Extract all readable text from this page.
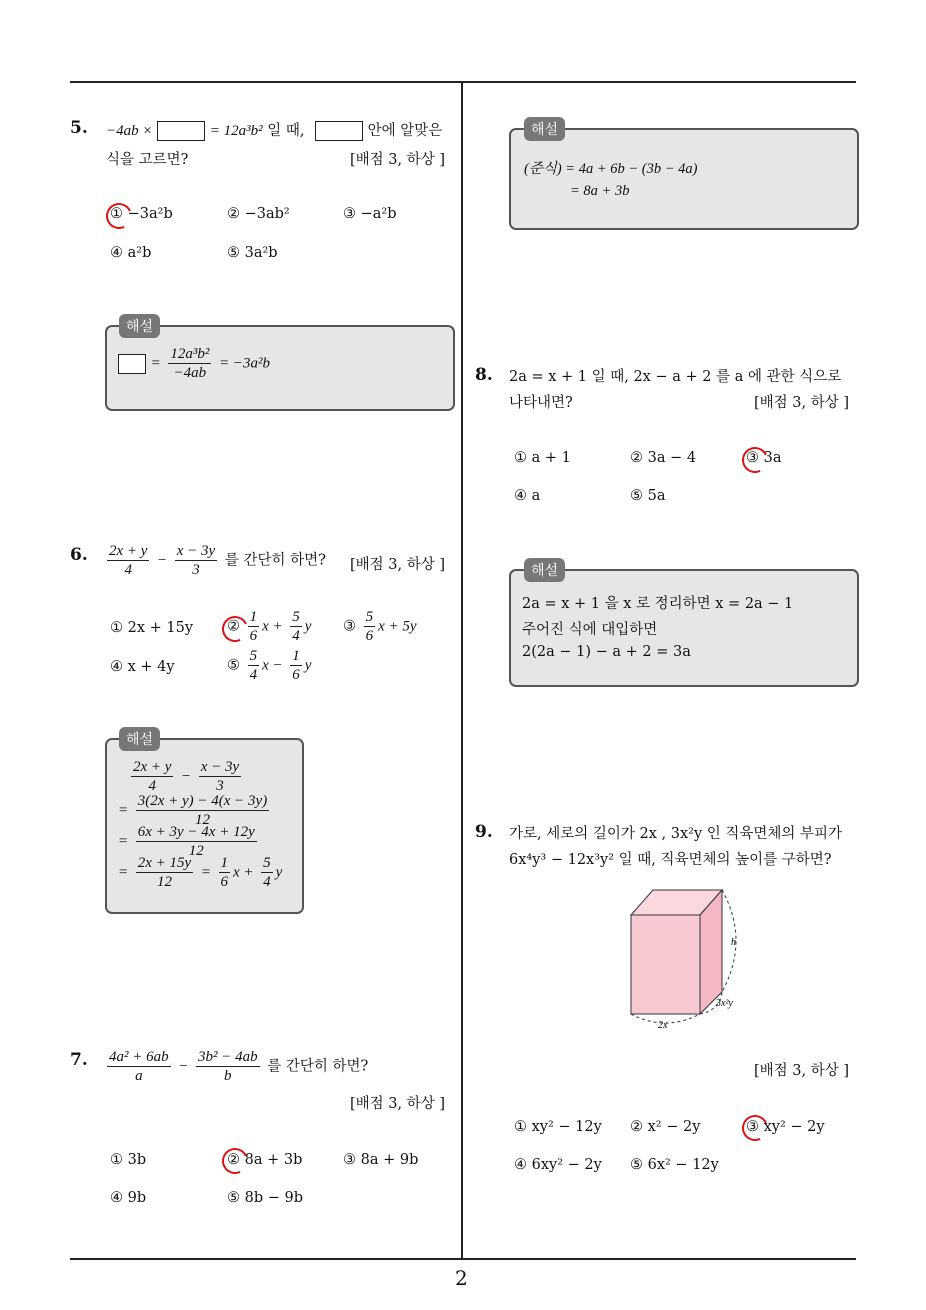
2
5. −4ab ×	= 12a³b² 일 때,	안에 알맞은
식을 고르면?	[배점 3, 하상 ]
① −3a²b	② −3ab²	③ −a²b
④ a²b	⑤ 3a²b
해설
= $\frac{\text{12a³b²}}{-4ab} = -3a^2b$
6. $\frac{2x + y}{4} - \frac{x - 3y}{3}$ 를 간단히 하면? [배점 3, 하상 ]
① 2x + 15y ② $\frac{1}{6}$ $x + \frac{5}{4}$ y ③ $\frac{5}{6}$ x + 5y
④ x + 4y	⑤ $\frac{5}{4}$ $x - \frac{1}{6}$ y
해설
$\frac{2x + y}{4} - \frac{x - 3y}{3}$
= $\frac{3(2x + y) - 4(x - 3y)}{12}$
= $\frac{6x + 3y - 4x + 12y}{12}$
= $\frac{2x + 15y}{12} = \frac{1}{6}$ $x + \frac{5}{4}$ y
7. $\frac{\text{4a² + 6ab}}{a} - \frac{\text{3b² − 4ab}}{b}$ 를 간단히 하면?
[배점 3, 하상 ]
① 3b	② 8a + 3b	③ 8a + 9b
④ 9b	⑤ 8b − 9b
해설
(준식) = 4a + 6b − (3b − 4a)
= 8a + 3b
8. 2a = x + 1 일 때, 2x − a + 2 를 a 에 관한 식으로
나타내면?	[배점 3, 하상 ]
① a + 1	② 3a − 4	③ 3a
④ a	⑤ 5a
해설
2a = x + 1 을 x 로 정리하면 x = 2a − 1
주어진 식에 대입하면
2(2a − 1) − a + 2 = 3a
9. 가로, 세로의 길이가 2x , 3x²y 인 직육면체의 부피가
6x⁴y³ − 12x³y² 일 때, 직육면체의 높이를 구하면?
h
3x²y
2x
[배점 3, 하상 ]
① xy² − 12y ② x² − 2y	③ xy² − 2y
④ 6xy² − 2y ⑤ 6x² − 12y
